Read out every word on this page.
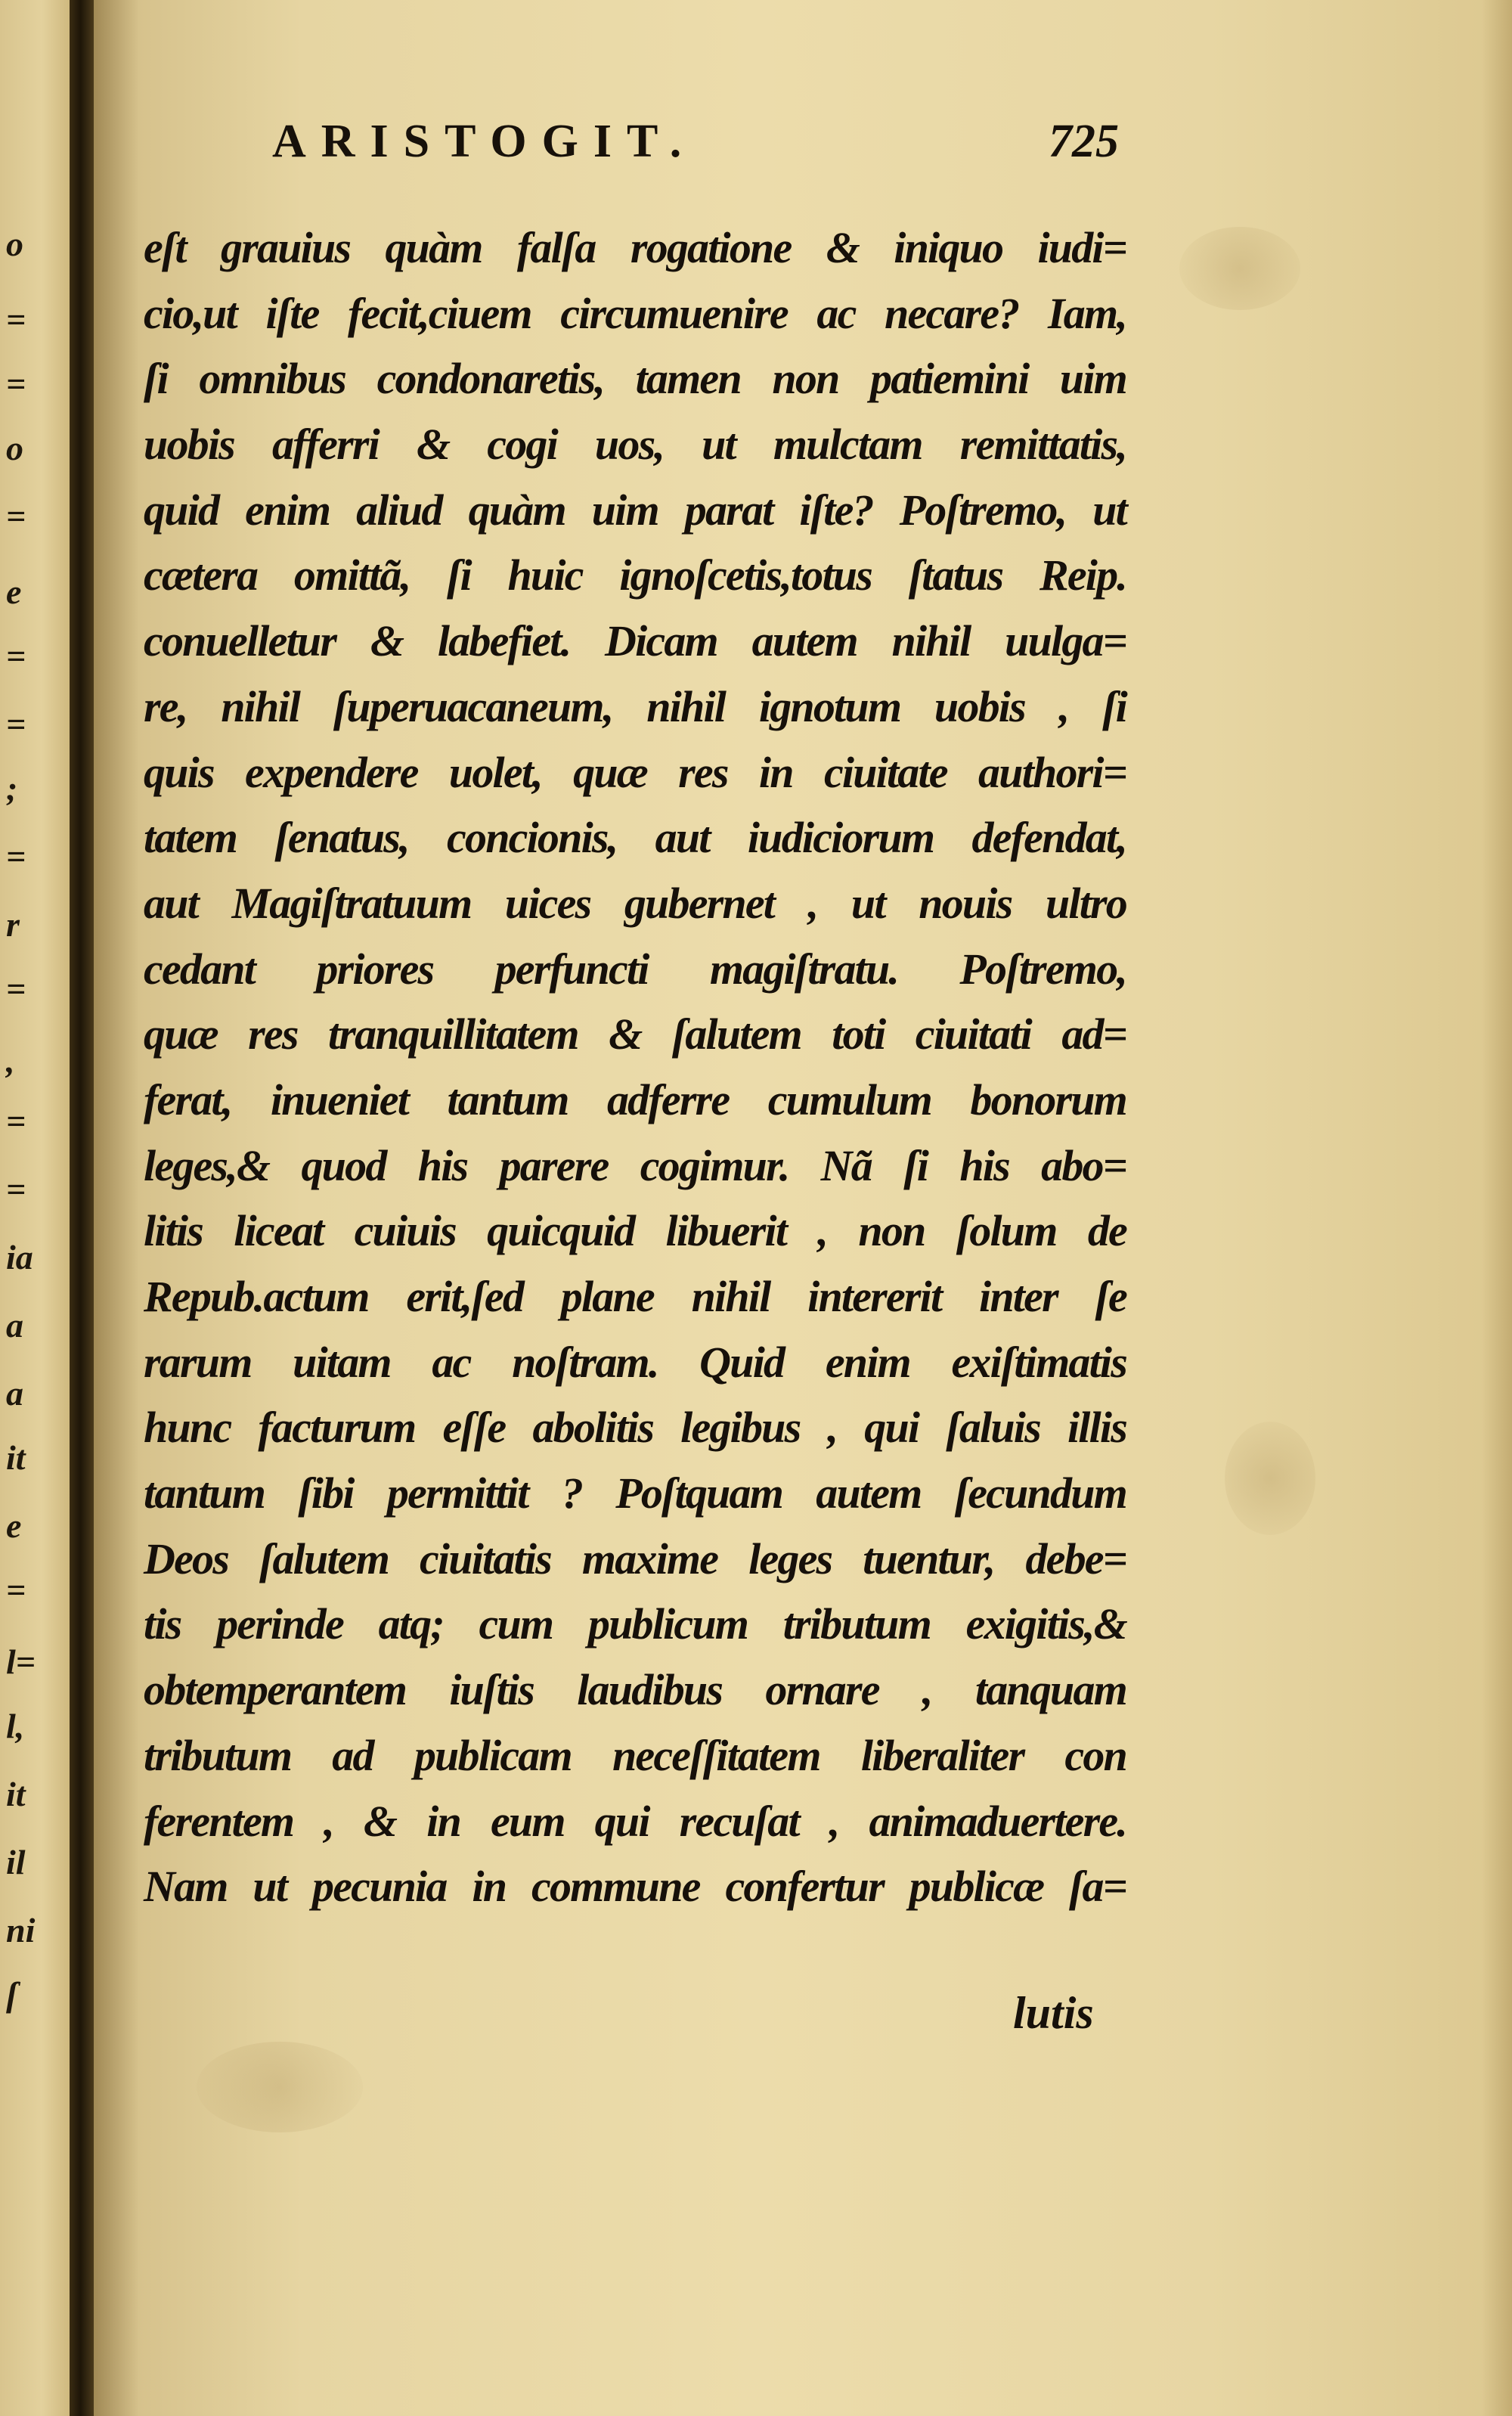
o
=
=
o
=
e
=
=
;
=
r
=
,
=
=
ia
a
a
it
e
=
l=
l,
it
il
ni
ſ
ARISTOGIT.	725
eſt grauius quàm falſa rogatione & iniquo iudi=
cio,ut iſte fecit,ciuem circumuenire ac necare? Iam,
ſi omnibus condonaretis, tamen non patiemini uim
uobis afferri & cogi uos, ut mulctam remittatis,
quid enim aliud quàm uim parat iſte? Poſtremo, ut
cætera omittã, ſi huic ignoſcetis,totus ſtatus Reip.
conuelletur & labefiet. Dicam autem nihil uulga=
re, nihil ſuperuacaneum, nihil ignotum uobis , ſi
quis expendere uolet, quæ res in ciuitate authori=
tatem ſenatus, concionis, aut iudiciorum defendat,
aut Magiſtratuum uices gubernet , ut nouis ultro
cedant priores perfuncti magiſtratu. Poſtremo,
quæ res tranquillitatem & ſalutem toti ciuitati ad=
ferat, inueniet tantum adferre cumulum bonorum
leges,& quod his parere cogimur. Nã ſi his abo=
litis liceat cuiuis quicquid libuerit , non ſolum de
Repub.actum erit,ſed plane nihil intererit inter ſe
rarum uitam ac noſtram. Quid enim exiſtimatis
hunc facturum eſſe abolitis legibus , qui ſaluis illis
tantum ſibi permittit ? Poſtquam autem ſecundum
Deos ſalutem ciuitatis maxime leges tuentur, debe=
tis perinde atq; cum publicum tributum exigitis,&
obtemperantem iuſtis laudibus ornare , tanquam
tributum ad publicam neceſſitatem liberaliter con
ferentem , & in eum qui recuſat , animaduertere.
Nam ut pecunia in commune confertur publicæ ſa=
lutis
